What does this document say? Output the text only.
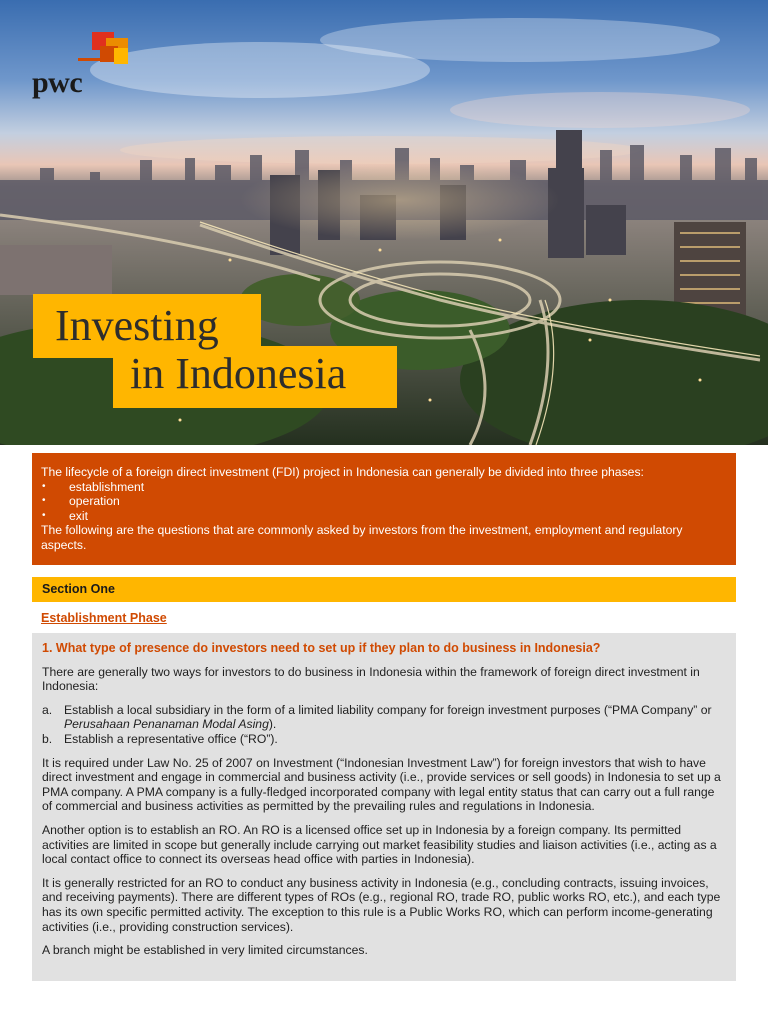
pwc
Investing
in Indonesia

The lifecycle of a foreign direct investment (FDI) project in Indonesia can generally be divided into three phases:

• establishment
• operation
• exit

The following are the questions that are commonly asked by investors from the investment, employment and regulatory aspects.

Section One
Establishment Phase
1. What type of presence do investors need to set up if they plan to do business in Indonesia?

There are generally two ways for investors to do business in Indonesia within the framework of foreign direct investment in Indonesia:

a. Establish a local subsidiary in the form of a limited liability company for foreign investment purposes (“PMA Company” or Perusahaan Penanaman Modal Asing).
b. Establish a representative office (“RO”).

It is required under Law No. 25 of 2007 on Investment (“Indonesian Investment Law”) for foreign investors that wish to have direct investment and engage in commercial and business activity (i.e., provide services or sell goods) in Indonesia to set up a PMA company. A PMA company is a fully-fledged incorporated company with legal entity status that can carry out a full range of commercial and business activities as permitted by the prevailing rules and regulations in Indonesia.

Another option is to establish an RO. An RO is a licensed office set up in Indonesia by a foreign company. Its permitted activities are limited in scope but generally include carrying out market feasibility studies and liaison activities (i.e., acting as a local contact office to connect its overseas head office with parties in Indonesia).

It is generally restricted for an RO to conduct any business activity in Indonesia (e.g., concluding contracts, issuing invoices, and receiving payments). There are different types of ROs (e.g., regional RO, trade RO, public works RO, etc.), and each type has its own specific permitted activity. The exception to this rule is a Public Works RO, which can perform income-generating activities (i.e., providing construction services).

A branch might be established in very limited circumstances.
